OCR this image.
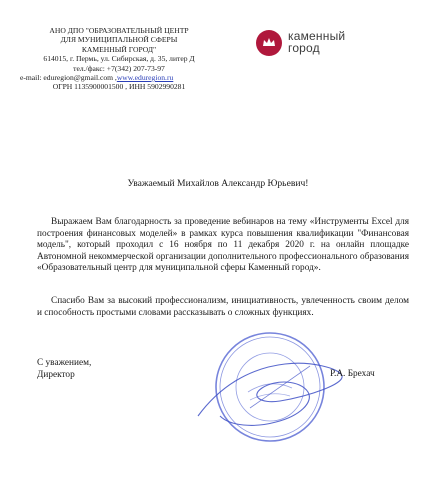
АНО ДПО "ОБРАЗОВАТЕЛЬНЫЙ ЦЕНТР
ДЛЯ МУНИЦИПАЛЬНОЙ СФЕРЫ
КАМЕННЫЙ ГОРОД"
614015, г. Пермь, ул. Сибирская, д. 35, литер Д
тел./факс: +7(342) 207-73-97
e-mail: eduregion@gmail.com ,www.eduregion.ru
ОГРН 1135900001500 , ИНН 5902990281
каменный
город
Уважаемый Михайлов Александр Юрьевич!
Выражаем Вам благодарность за проведение вебинаров на тему «Инструменты Excel для построения финансовых моделей» в рамках курса повышения квалификации "Финансовая модель", который проходил с 16 ноября по 11 декабря 2020 г. на онлайн площадке Автономной некоммерческой организации дополнительного профессионального образования «Образовательный центр для муниципальной сферы Каменный город».
Спасибо Вам за высокий профессионализм, инициативность, увлеченность своим делом и способность простыми словами рассказывать о сложных функциях.
С уважением,
Директор	Р.А. Брехач
